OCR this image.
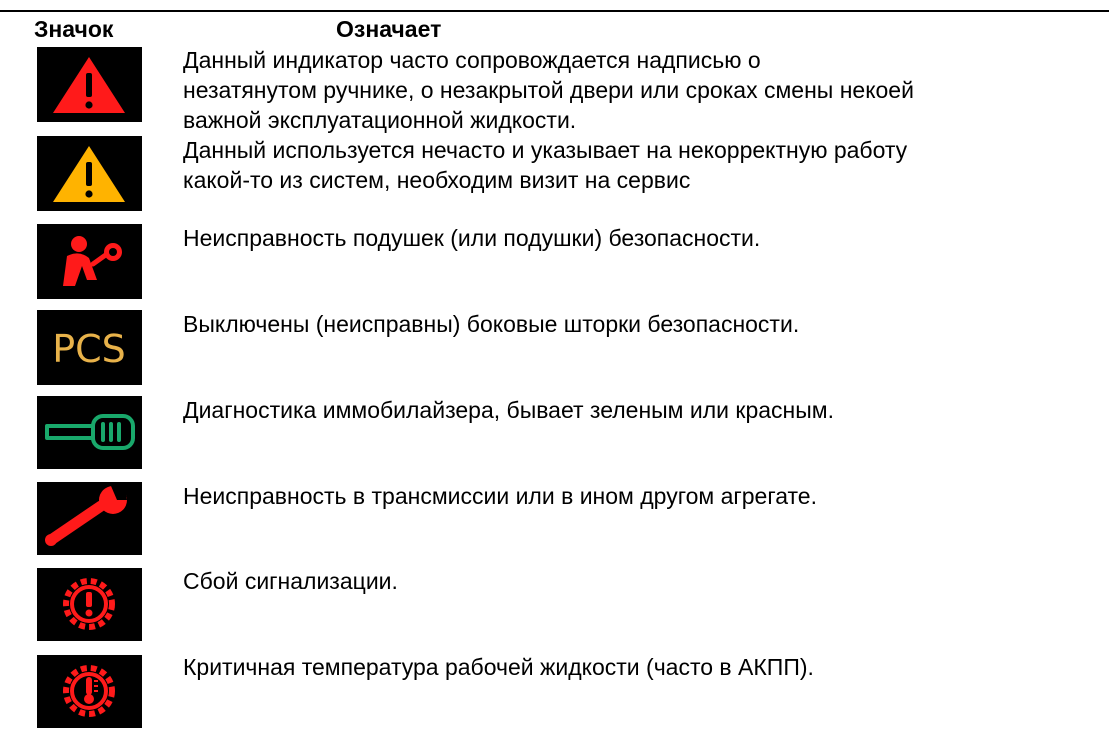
Значок	Означает
Данный индикатор часто сопровождается надписью о
незатянутом ручнике, о незакрытой двери или сроках смены некоей
важной эксплуатационной жидкости.
Данный используется нечасто и указывает на некорректную работу
какой-то из систем, необходим визит на сервис
Неисправность подушек (или подушки) безопасности.
PCS
Выключены (неисправны) боковые шторки безопасности.
Диагностика иммобилайзера, бывает зеленым или красным.
Неисправность в трансмиссии или в ином другом агрегате.
Сбой сигнализации.
Критичная температура рабочей жидкости (часто в АКПП).
